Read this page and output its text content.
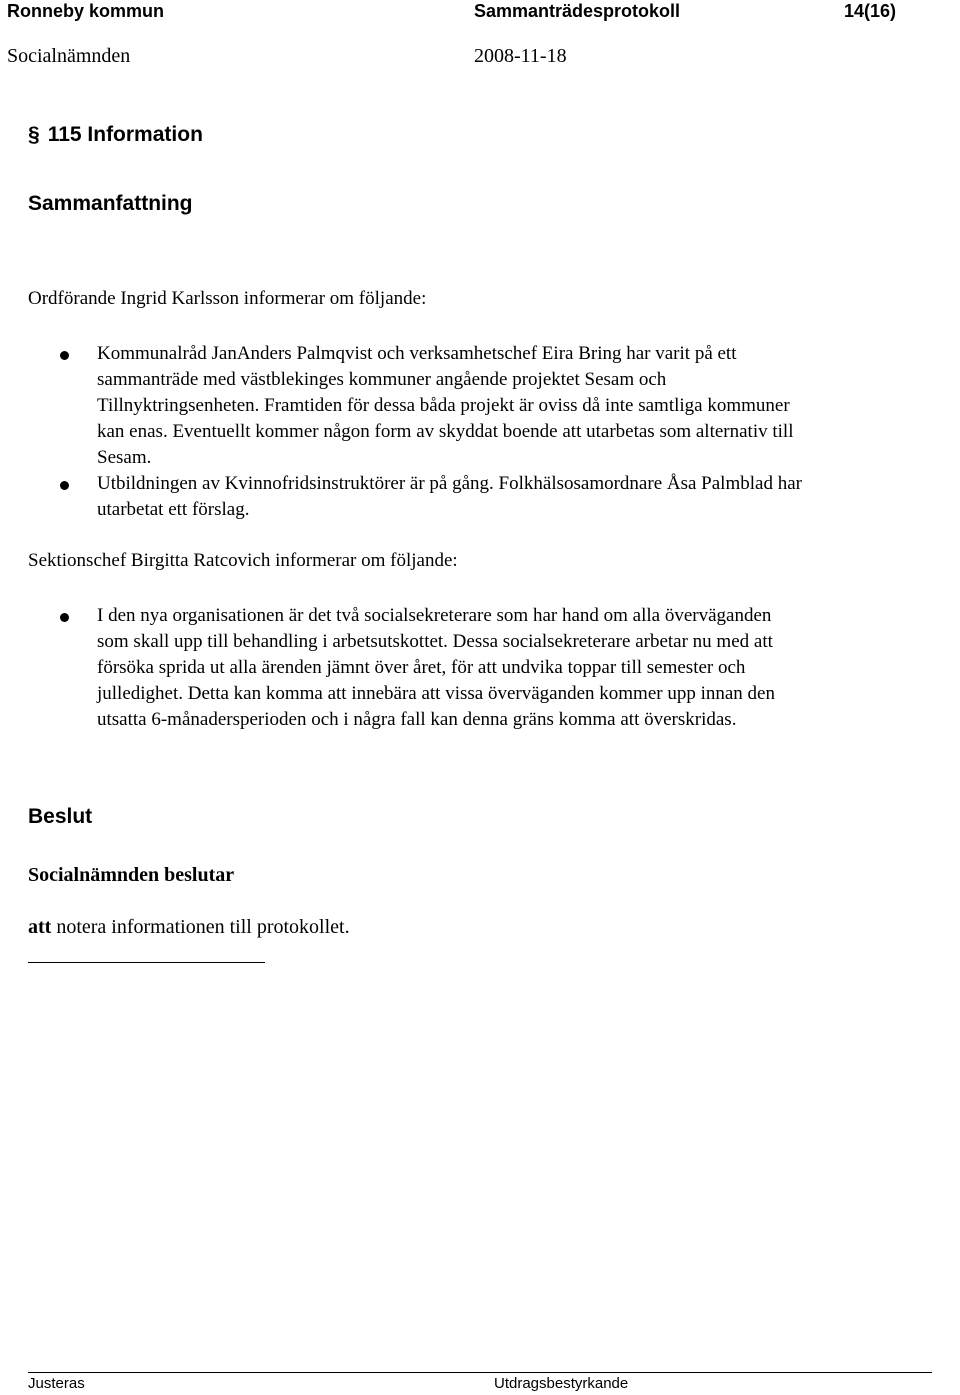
Ronneby kommun	Sammanträdesprotokoll	14(16)
Socialnämnden	2008-11-18
§ 115 Information
Sammanfattning
Ordförande Ingrid Karlsson informerar om följande:
Kommunalråd JanAnders Palmqvist och verksamhetschef Eira Bring har varit på ett
sammanträde med västblekinges kommuner angående projektet Sesam och
Tillnyktringsenheten. Framtiden för dessa båda projekt är oviss då inte samtliga kommuner
kan enas. Eventuellt kommer någon form av skyddat boende att utarbetas som alternativ till
Sesam.
Utbildningen av Kvinnofridsinstruktörer är på gång. Folkhälsosamordnare Åsa Palmblad har
utarbetat ett förslag.
Sektionschef Birgitta Ratcovich informerar om följande:
I den nya organisationen är det två socialsekreterare som har hand om alla överväganden
som skall upp till behandling i arbetsutskottet. Dessa socialsekreterare arbetar nu med att
försöka sprida ut alla ärenden jämnt över året, för att undvika toppar till semester och
julledighet. Detta kan komma att innebära att vissa överväganden kommer upp innan den
utsatta 6-månadersperioden och i några fall kan denna gräns komma att överskridas.
Beslut
Socialnämnden beslutar
att notera informationen till protokollet.
Justeras	Utdragsbestyrkande
